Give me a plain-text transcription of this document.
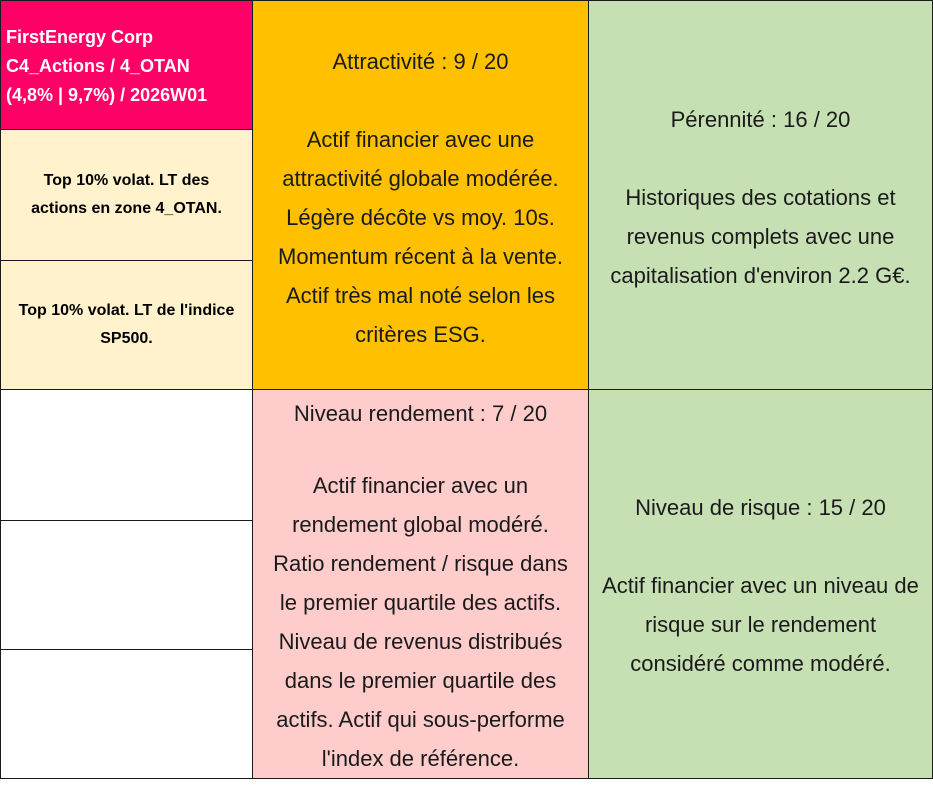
FirstEnergy Corp
C4_Actions / 4_OTAN
(4,8% | 9,7%) / 2026W01
Top 10% volat. LT des
actions en zone 4_OTAN.
Top 10% volat. LT de l'indice
SP500.
Attractivité : 9 / 20
Actif financier avec une
attractivité globale modérée.
Légère décôte vs moy. 10s.
Momentum récent à la vente.
Actif très mal noté selon les
critères ESG.
Pérennité : 16 / 20
Historiques des cotations et
revenus complets avec une
capitalisation d'environ 2.2 G€.
Niveau rendement : 7 / 20
Actif financier avec un
rendement global modéré.
Ratio rendement / risque dans
le premier quartile des actifs.
Niveau de revenus distribués
dans le premier quartile des
actifs. Actif qui sous-performe
l'index de référence.
Niveau de risque : 15 / 20
Actif financier avec un niveau de
risque sur le rendement
considéré comme modéré.
